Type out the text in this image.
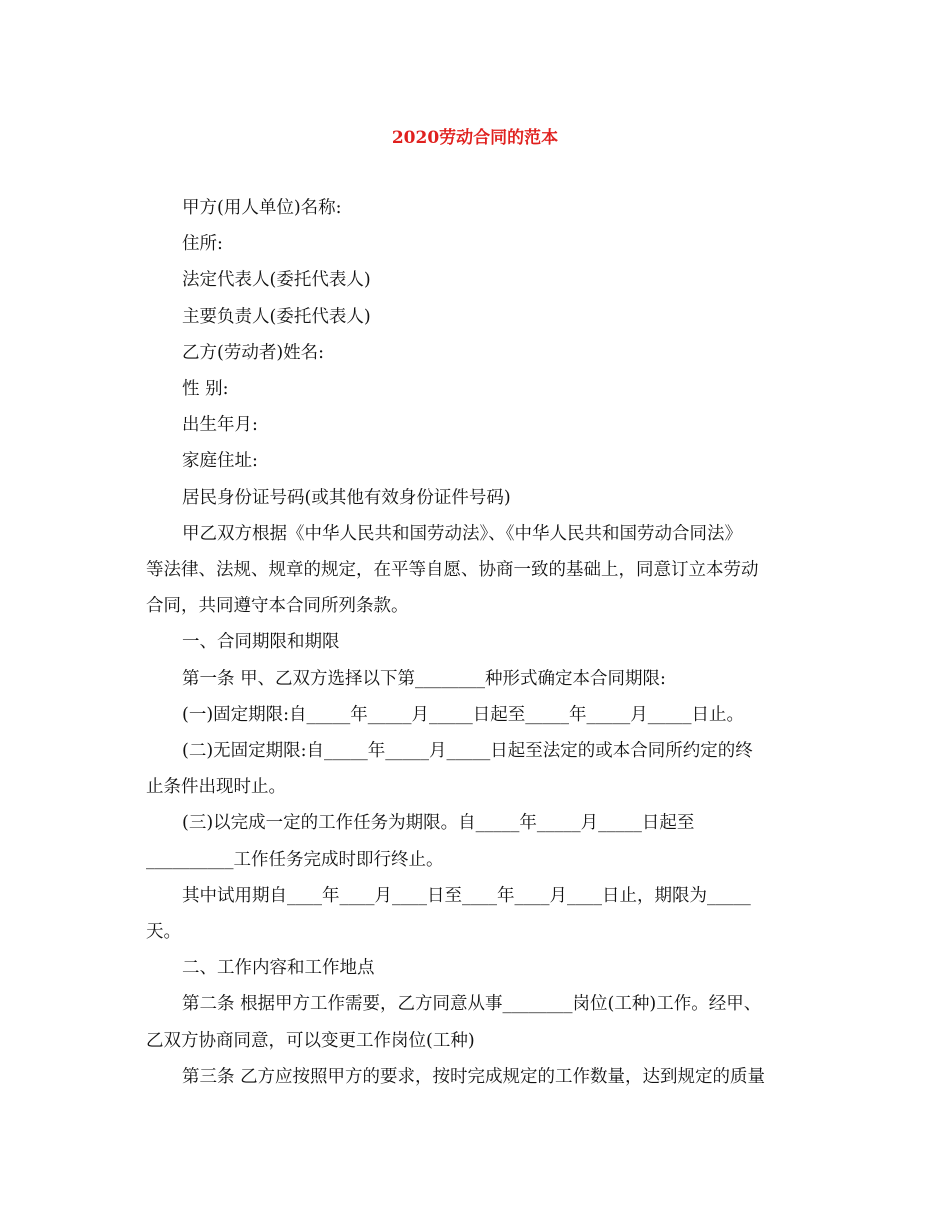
2020劳动合同的范本

甲方(用人单位)名称:

住所:

法定代表人(委托代表人)

主要负责人(委托代表人)

乙方(劳动者)姓名:

性 别:

出生年月:

家庭住址:

居民身份证号码(或其他有效身份证件号码)

甲乙双方根据《中华人民共和国劳动法》、《中华人民共和国劳动合同法》
等法律、法规、规章的规定，在平等自愿、协商一致的基础上，同意订立本劳动
合同，共同遵守本合同所列条款。

一、合同期限和期限

第一条 甲、乙双方选择以下第________种形式确定本合同期限:

(一)固定期限:自_____年_____月_____日起至_____年_____月_____日止。

(二)无固定期限:自_____年_____月_____日起至法定的或本合同所约定的终
止条件出现时止。

(三)以完成一定的工作任务为期限。自_____年_____月_____日起至
__________工作任务完成时即行终止。

其中试用期自____年____月____日至____年____月____日止，期限为_____
天。

二、工作内容和工作地点

第二条 根据甲方工作需要，乙方同意从事________岗位(工种)工作。经甲、
乙双方协商同意，可以变更工作岗位(工种)

第三条 乙方应按照甲方的要求，按时完成规定的工作数量，达到规定的质量
